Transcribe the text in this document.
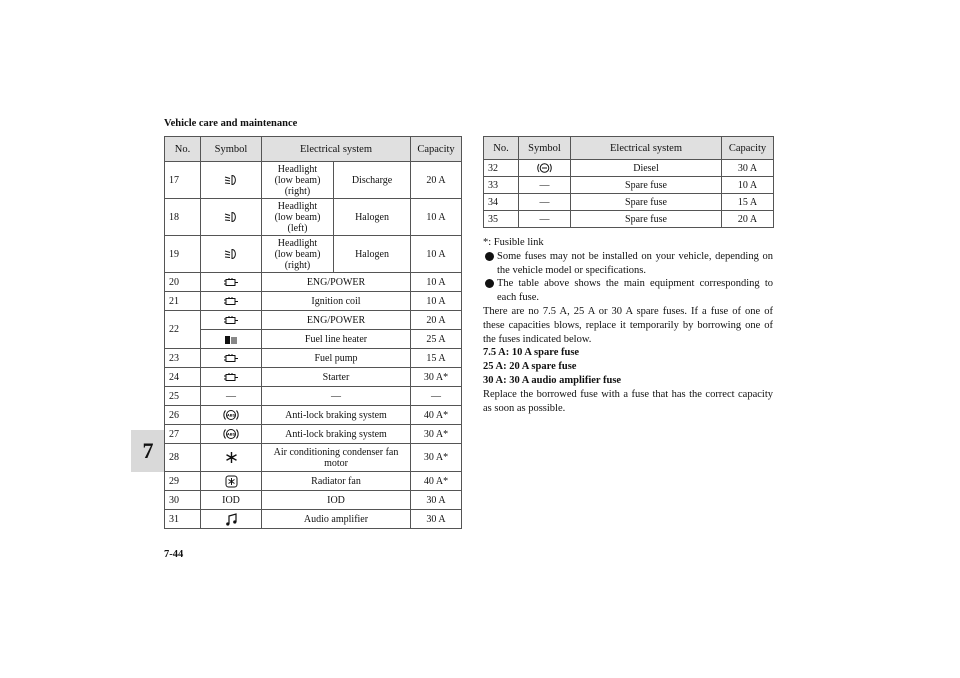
Vehicle care and maintenance
7
7-44
No.	Symbol	Electrical system		Capacity
17		Headlight
(low beam)
(right)	Discharge	20 A
18		Headlight
(low beam)
(left)	Halogen	10 A
19		Headlight
(low beam)
(right)	Halogen	10 A
20		ENG/POWER		10 A
21		Ignition coil		10 A
22		ENG/POWER		20 A
	Fuel line heater		25 A
23		Fuel pump		15 A
24		Starter		30 A*
25	—	—		—
26	ABS	Anti-lock braking system		40 A*
27	ABS	Anti-lock braking system		30 A*
28		Air conditioning condenser fan
motor		30 A*
29		Radiator fan		40 A*
30	IOD	IOD		30 A
31		Audio amplifier		30 A
No.	Symbol	Electrical system	Capacity
32		Diesel	30 A
33	—	Spare fuse	10 A
34	—	Spare fuse	15 A
35	—	Spare fuse	20 A

*: Fusible link

Some fuses may not be installed on your vehicle, depending on the vehicle model or specifications.

The table above shows the main equipment corresponding to each fuse.

There are no 7.5 A, 25 A or 30 A spare fuses. If a fuse of one of these capacities blows, replace it temporarily by borrowing one of the fuses indicated below.

7.5 A: 10 A spare fuse

25 A: 20 A spare fuse

30 A: 30 A audio amplifier fuse

Replace the borrowed fuse with a fuse that has the correct capacity as soon as possible.
